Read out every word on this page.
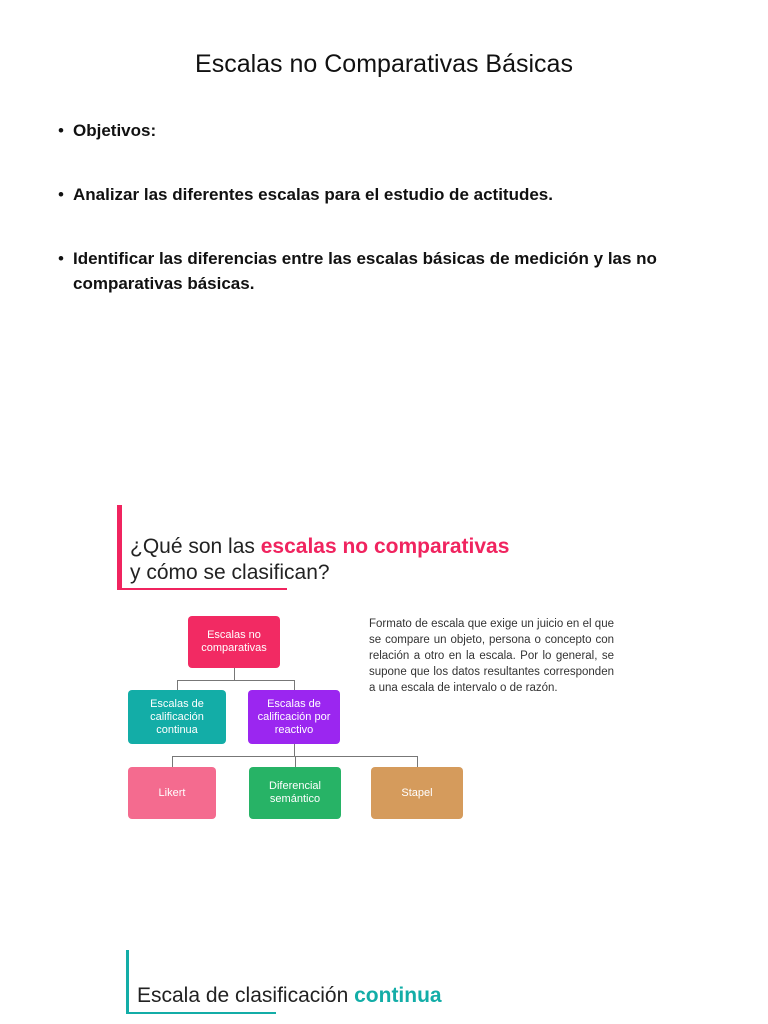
Escalas no Comparativas Básicas
• Objetivos:
• Analizar las diferentes escalas para el estudio de actitudes.
• Identificar las diferencias entre las escalas básicas de medición y las no comparativas básicas.
¿Qué son las escalas no comparativas
y cómo se clasifican?
Escalas no comparativas
Escalas de calificación continua
Escalas de calificación por reactivo
Likert
Diferencial semántico
Stapel
Formato de escala que exige un juicio en el que se compare un objeto, persona o concepto con relación a otro en la escala. Por lo general, se supone que los datos resultantes corresponden a una escala de intervalo o de razón.
Escala de clasificación continua
